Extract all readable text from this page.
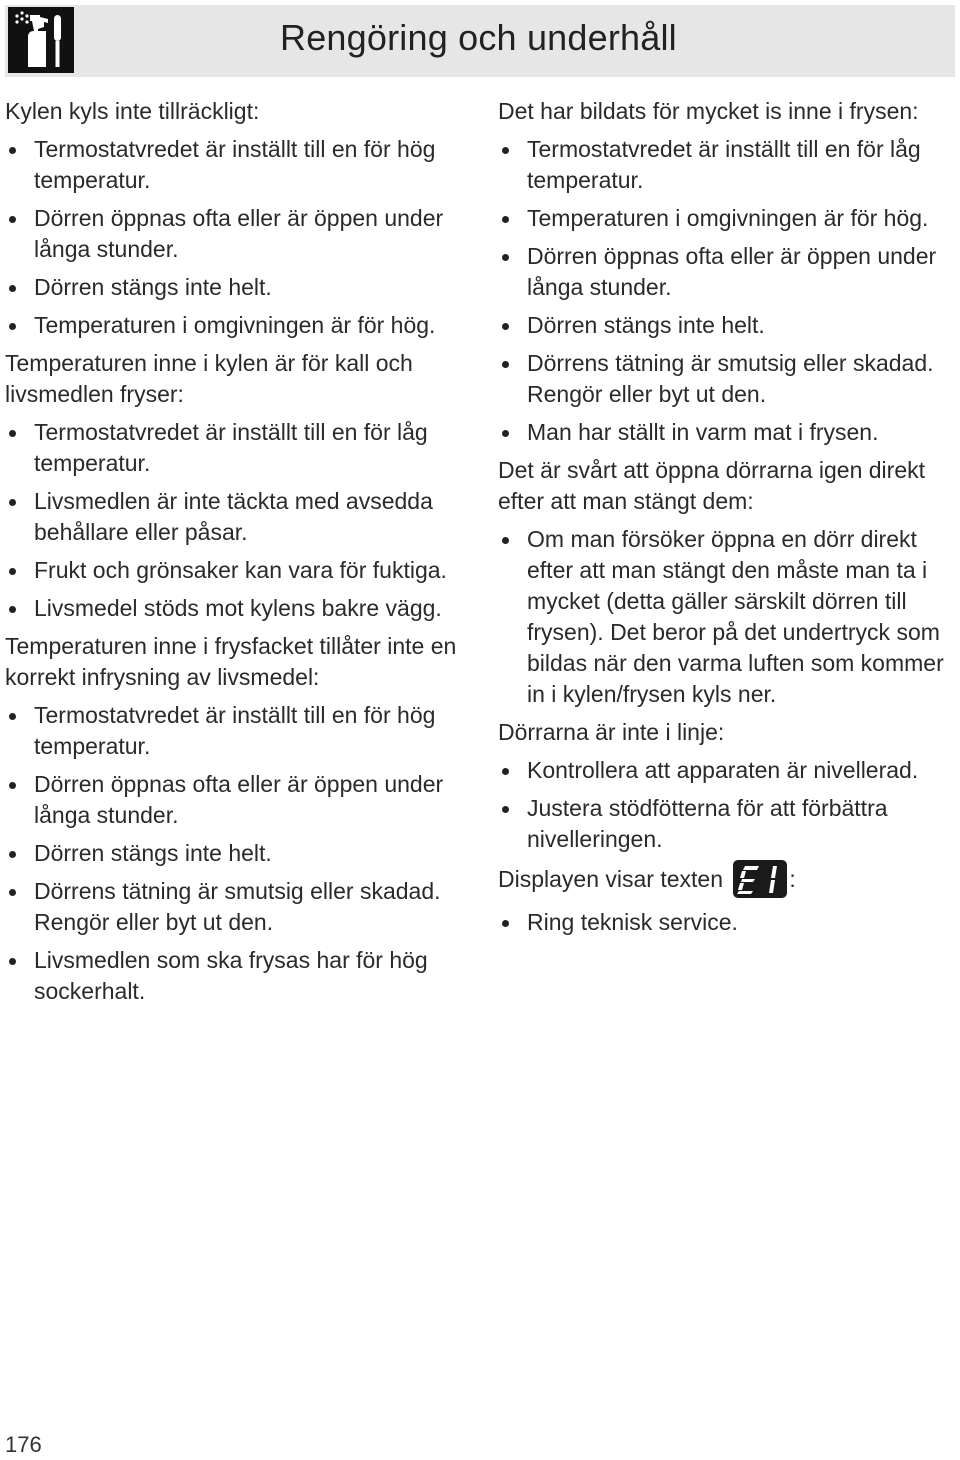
Rengöring och underhåll
Kylen kyls inte tillräckligt:
Termostatvredet är inställt till en för hög temperatur.
Dörren öppnas ofta eller är öppen under långa stunder.
Dörren stängs inte helt.
Temperaturen i omgivningen är för hög.
Temperaturen inne i kylen är för kall och livsmedlen fryser:
Termostatvredet är inställt till en för låg temperatur.
Livsmedlen är inte täckta med avsedda behållare eller påsar.
Frukt och grönsaker kan vara för fuktiga.
Livsmedel stöds mot kylens bakre vägg.
Temperaturen inne i frysfacket tillåter inte en korrekt infrysning av livsmedel:
Termostatvredet är inställt till en för hög temperatur.
Dörren öppnas ofta eller är öppen under långa stunder.
Dörren stängs inte helt.
Dörrens tätning är smutsig eller skadad. Rengör eller byt ut den.
Livsmedlen som ska frysas har för hög sockerhalt.
Det har bildats för mycket is inne i frysen:
Termostatvredet är inställt till en för låg temperatur.
Temperaturen i omgivningen är för hög.
Dörren öppnas ofta eller är öppen under långa stunder.
Dörren stängs inte helt.
Dörrens tätning är smutsig eller skadad. Rengör eller byt ut den.
Man har ställt in varm mat i frysen.
Det är svårt att öppna dörrarna igen direkt efter att man stängt dem:
Om man försöker öppna en dörr direkt efter att man stängt den måste man ta i mycket (detta gäller särskilt dörren till frysen). Det beror på det undertryck som bildas när den varma luften som kommer in i kylen/frysen kyls ner.
Dörrarna är inte i linje:
Kontrollera att apparaten är nivellerad.
Justera stödfötterna för att förbättra nivelleringen.
Displayen visar texten	:
Ring teknisk service.
176
